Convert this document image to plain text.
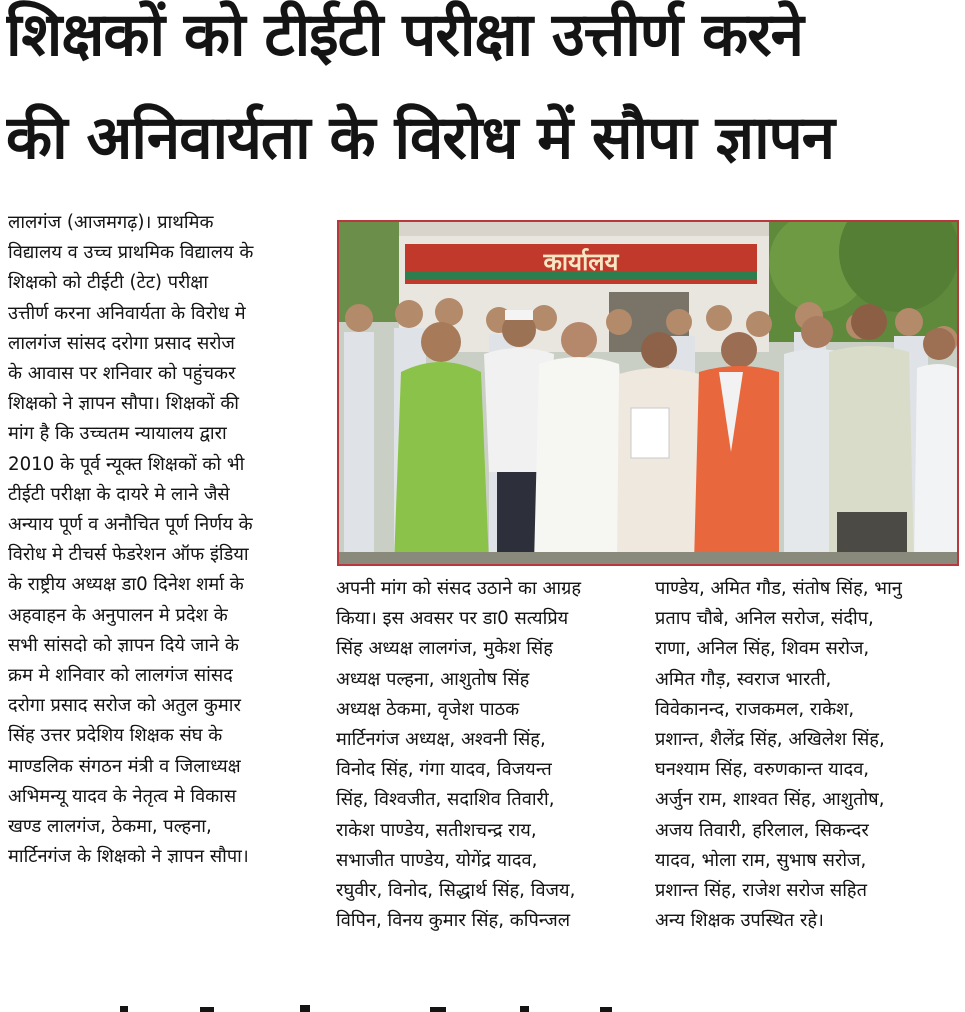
शिक्षकों को टीईटी परीक्षा उत्तीर्ण करने
की अनिवार्यता के विरोध में सौपा ज्ञापन

लालगंज (आजमगढ़)। प्राथमिक

विद्यालय व उच्च प्राथमिक विद्यालय के

शिक्षको को टीईटी (टेट) परीक्षा

उत्तीर्ण करना अनिवार्यता के विरोध मे

लालगंज सांसद दरोगा प्रसाद सरोज

के आवास पर शनिवार को पहुंचकर

शिक्षको ने ज्ञापन सौपा। शिक्षकों की

मांग है कि उच्चतम न्यायालय द्वारा

2010 के पूर्व न्यूक्त शिक्षकों को भी

टीईटी परीक्षा के दायरे मे लाने जैसे

अन्याय पूर्ण व अनौचित पूर्ण निर्णय के

विरोध मे टीचर्स फेडरेशन ऑफ इंडिया

के राष्ट्रीय अध्यक्ष डा0 दिनेश शर्मा के

अहवाहन के अनुपालन मे प्रदेश के

सभी सांसदो को ज्ञापन दिये जाने के

क्रम मे शनिवार को लालगंज सांसद

दरोगा प्रसाद सरोज को अतुल कुमार

सिंह उत्तर प्रदेशिय शिक्षक संघ के

माण्डलिक संगठन मंत्री व जिलाध्यक्ष

अभिमन्यू यादव के नेतृत्व मे विकास

खण्ड लालगंज, ठेकमा, पल्हना,

मार्टिनगंज के शिक्षको ने ज्ञापन सौपा।

कार्यालय

अपनी मांग को संसद उठाने का आग्रह

किया। इस अवसर पर डा0 सत्यप्रिय

सिंह अध्यक्ष लालगंज, मुकेश सिंह

अध्यक्ष पल्हना, आशुतोष सिंह

अध्यक्ष ठेकमा, वृजेश पाठक

मार्टिनगंज अध्यक्ष, अश्वनी सिंह,

विनोद सिंह, गंगा यादव, विजयन्त

सिंह, विश्वजीत, सदाशिव तिवारी,

राकेश पाण्डेय, सतीशचन्द्र राय,

सभाजीत पाण्डेय, योगेंद्र यादव,

रघुवीर, विनोद, सिद्धार्थ सिंह, विजय,

विपिन, विनय कुमार सिंह, कपिन्जल

पाण्डेय, अमित गौड, संतोष सिंह, भानु

प्रताप चौबे, अनिल सरोज, संदीप,

राणा, अनिल सिंह, शिवम सरोज,

अमित गौड़, स्वराज भारती,

विवेकानन्द, राजकमल, राकेश,

प्रशान्त, शैलेंद्र सिंह, अखिलेश सिंह,

घनश्याम सिंह, वरुणकान्त यादव,

अर्जुन राम, शाश्वत सिंह, आशुतोष,

अजय तिवारी, हरिलाल, सिकन्दर

यादव, भोला राम, सुभाष सरोज,

प्रशान्त सिंह, राजेश सरोज सहित

अन्य शिक्षक उपस्थित रहे।
